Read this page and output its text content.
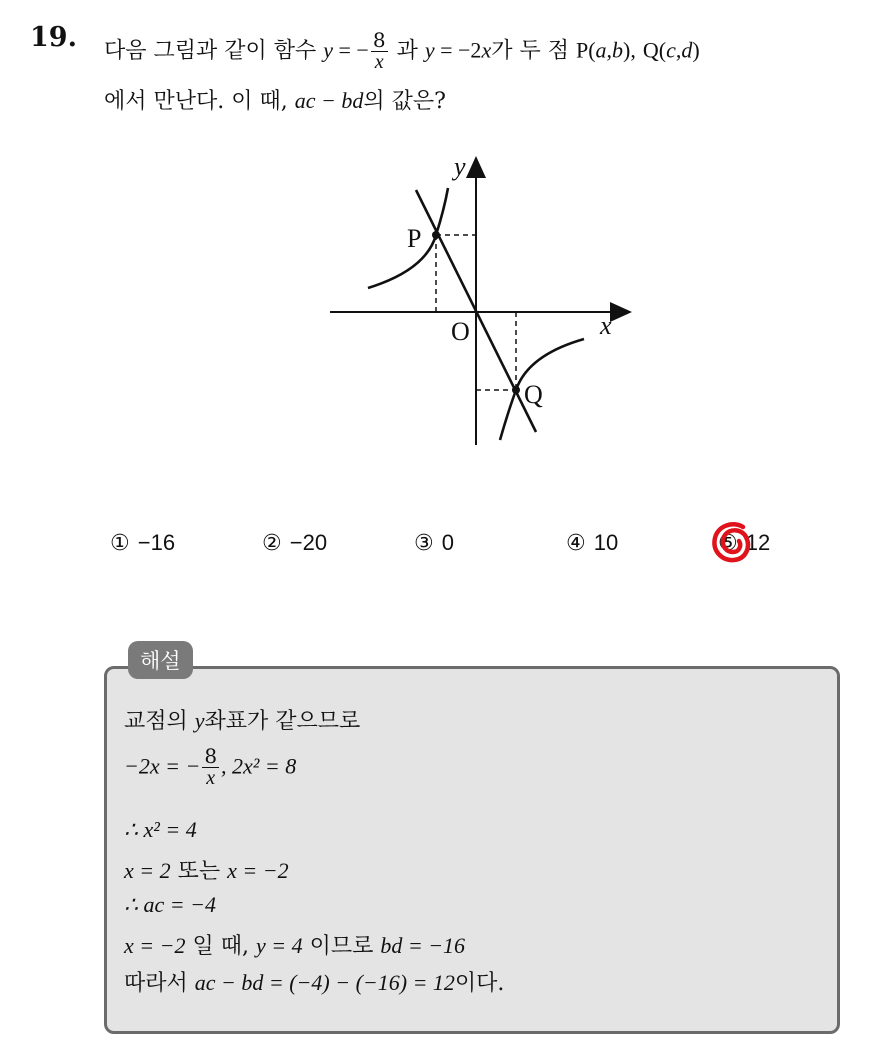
19. 다음 그림과 같이 함수 y = − $\frac{8}{x}$ 과 y = −2x가 두 점 P(a,b), Q(c,d)
에서 만난다. 이 때, ac − bd의 값은?
y
x
O
P
Q
① −16	② −20	③ 0	④ 10	⑤ 12
해설
교점의 y좌표가 같으므로
−2x = − $\frac{8}{x}$ , 2x² = 8
∴ x² = 4
x = 2 또는 x = −2
∴ ac = −4
x = −2 일 때, y = 4 이므로 bd = −16
따라서 ac − bd = (−4) − (−16) = 12이다.
